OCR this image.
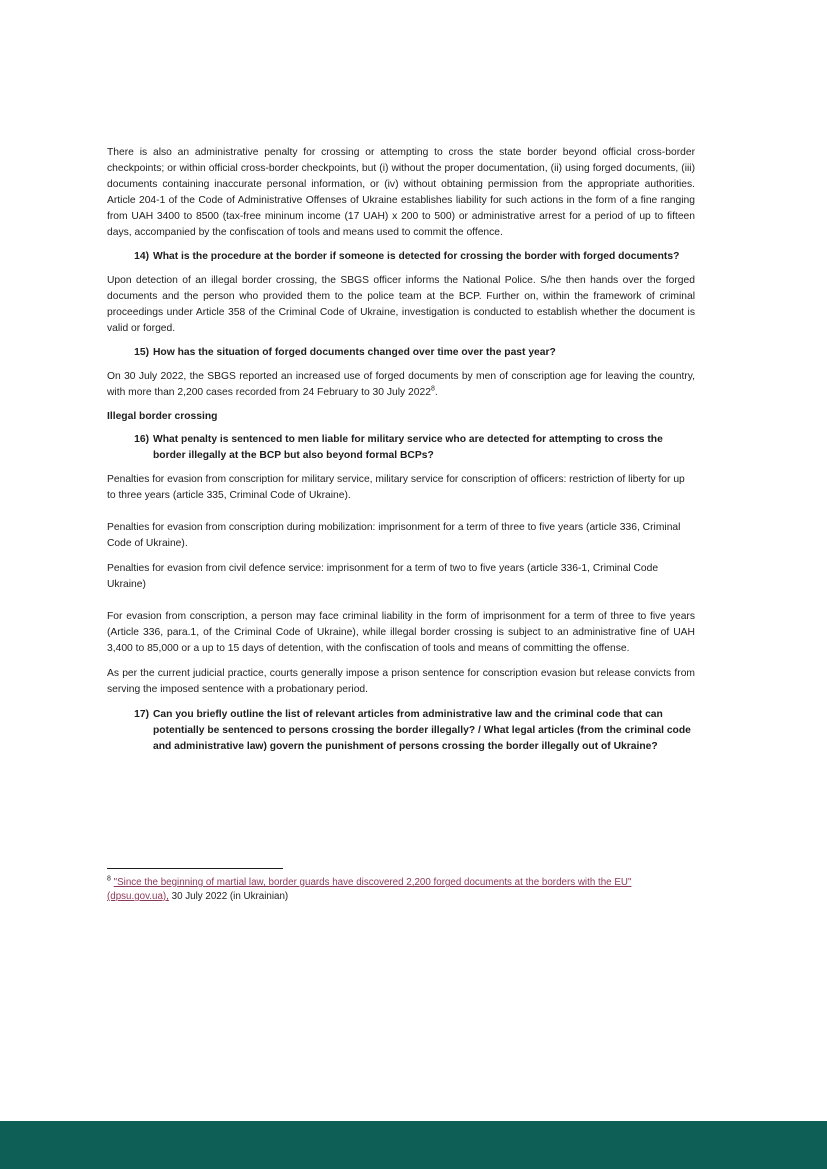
There is also an administrative penalty for crossing or attempting to cross the state border beyond official cross-border checkpoints; or within official cross-border checkpoints, but (i) without the proper documentation, (ii) using forged documents, (iii) documents containing inaccurate personal information, or (iv) without obtaining permission from the appropriate authorities. Article 204-1 of the Code of Administrative Offenses of Ukraine establishes liability for such actions in the form of a fine ranging from UAH 3400 to 8500 (tax-free mininum income (17 UAH) x 200 to 500) or administrative arrest for a period of up to fifteen days, accompanied by the confiscation of tools and means used to commit the offence.

14) What is the procedure at the border if someone is detected for crossing the border with forged documents?

Upon detection of an illegal border crossing, the SBGS officer informs the National Police. S/he then hands over the forged documents and the person who provided them to the police team at the BCP. Further on, within the framework of criminal proceedings under Article 358 of the Criminal Code of Ukraine, investigation is conducted to establish whether the document is valid or forged.

15) How has the situation of forged documents changed over time over the past year?

On 30 July 2022, the SBGS reported an increased use of forged documents by men of conscription age for leaving the country, with more than 2,200 cases recorded from 24 February to 30 July 2022$^8$.

Illegal border crossing

16) What penalty is sentenced to men liable for military service who are detected for attempting to cross the border illegally at the BCP but also beyond formal BCPs?

Penalties for evasion from conscription for military service, military service for conscription of officers: restriction of liberty for up to three years (article 335, Criminal Code of Ukraine).

Penalties for evasion from conscription during mobilization: imprisonment for a term of three to five years (article 336, Criminal Code of Ukraine).

Penalties for evasion from civil defence service: imprisonment for a term of two to five years (article 336-1, Criminal Code Ukraine)

For evasion from conscription, a person may face criminal liability in the form of imprisonment for a term of three to five years (Article 336, para.1, of the Criminal Code of Ukraine), while illegal border crossing is subject to an administrative fine of UAH 3,400 to 85,000 or a up to 15 days of detention, with the confiscation of tools and means of committing the offense.

As per the current judicial practice, courts generally impose a prison sentence for conscription evasion but release convicts from serving the imposed sentence with a probationary period.

17) Can you briefly outline the list of relevant articles from administrative law and the criminal code that can potentially be sentenced to persons crossing the border illegally? / What legal articles (from the criminal code and administrative law) govern the punishment of persons crossing the border illegally out of Ukraine?
$^8$ "Since the beginning of martial law, border guards have discovered 2,200 forged documents at the borders with the EU" (dpsu.gov.ua), 30 July 2022 (in Ukrainian)
